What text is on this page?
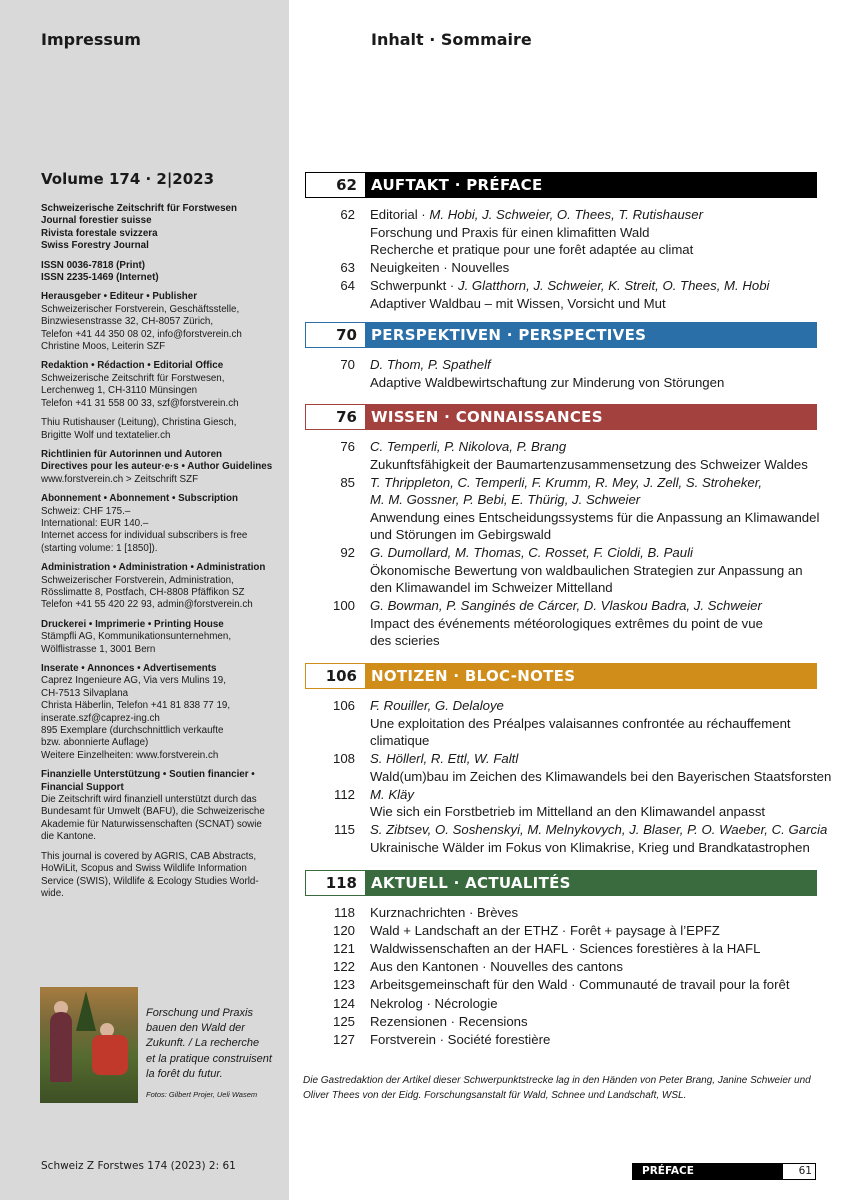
Impressum
Volume 174 · 2|2023
Schweizerische Zeitschrift für Forstwesen
Journal forestier suisse
Rivista forestale svizzera
Swiss Forestry Journal
ISSN 0036-7818 (Print)
ISSN 2235-1469 (Internet)
Herausgeber • Editeur • Publisher
Schweizerischer Forstverein, Geschäftsstelle,
Binzwiesenstrasse 32, CH-8057 Zürich,
Telefon +41 44 350 08 02, info@forstverein.ch
Christine Moos, Leiterin SZF
Redaktion • Rédaction • Editorial Office
Schweizerische Zeitschrift für Forstwesen,
Lerchenweg 1, CH-3110 Münsingen
Telefon +41 31 558 00 33, szf@forstverein.ch
Thiu Rutishauser (Leitung), Christina Giesch,
Brigitte Wolf und textatelier.ch
Richtlinien für Autorinnen und Autoren
Directives pour les auteur·e·s • Author Guidelines
www.forstverein.ch > Zeitschrift SZF
Abonnement • Abonnement • Subscription
Schweiz: CHF 175.–
International: EUR 140.–
Internet access for individual subscribers is free
(starting volume: 1 [1850]).
Administration • Administration • Administration
Schweizerischer Forstverein, Administration,
Rösslimatte 8, Postfach, CH-8808 Pfäffikon SZ
Telefon +41 55 420 22 93, admin@forstverein.ch
Druckerei • Imprimerie • Printing House
Stämpfli AG, Kommunikationsunternehmen,
Wölflistrasse 1, 3001 Bern
Inserate • Annonces • Advertisements
Caprez Ingenieure AG, Via vers Mulins 19,
CH-7513 Silvaplana
Christa Häberlin, Telefon +41 81 838 77 19,
inserate.szf@caprez-ing.ch
895 Exemplare (durchschnittlich verkaufte
bzw. abonnierte Auflage)
Weitere Einzelheiten: www.forstverein.ch
Finanzielle Unterstützung • Soutien financier •
Financial Support
Die Zeitschrift wird finanziell unterstützt durch das
Bundesamt für Umwelt (BAFU), die Schweizerische
Akademie für Naturwissenschaften (SCNAT) sowie
die Kantone.
This journal is covered by AGRIS, CAB Abstracts,
HoWiLit, Scopus and Swiss Wildlife Information
Service (SWIS), Wildlife & Ecology Studies World-
wide.
Forschung und Praxis
bauen den Wald der
Zukunft. / La recherche
et la pratique construisent
la forêt du futur.
Fotos: Gilbert Projer, Ueli Wasem
Schweiz Z Forstwes 174 (2023) 2: 61
Inhalt · Sommaire
62 AUFTAKT · PRÉFACE
62 Editorial · M. Hobi, J. Schweier, O. Thees, T. Rutishauser
Forschung und Praxis für einen klimafitten Wald
Recherche et pratique pour une forêt adaptée au climat
63 Neuigkeiten · Nouvelles
64 Schwerpunkt · J. Glatthorn, J. Schweier, K. Streit, O. Thees, M. Hobi
Adaptiver Waldbau – mit Wissen, Vorsicht und Mut
70 PERSPEKTIVEN · PERSPECTIVES
70 D. Thom, P. Spathelf
Adaptive Waldbewirtschaftung zur Minderung von Störungen
76 WISSEN · CONNAISSANCES
76 C. Temperli, P. Nikolova, P. Brang
Zukunftsfähigkeit der Baumartenzusammensetzung des Schweizer Waldes
85 T. Thrippleton, C. Temperli, F. Krumm, R. Mey, J. Zell, S. Stroheker,
M. M. Gossner, P. Bebi, E. Thürig, J. Schweier
Anwendung eines Entscheidungssystems für die Anpassung an Klimawandel
und Störungen im Gebirgswald
92 G. Dumollard, M. Thomas, C. Rosset, F. Cioldi, B. Pauli
Ökonomische Bewertung von waldbaulichen Strategien zur Anpassung an
den Klimawandel im Schweizer Mittelland
100 G. Bowman, P. Sanginés de Cárcer, D. Vlaskou Badra, J. Schweier
Impact des événements météorologiques extrêmes du point de vue
des scieries
106 NOTIZEN · BLOC-NOTES
106 F. Rouiller, G. Delaloye
Une exploitation des Préalpes valaisannes confrontée au réchauffement
climatique
108 S. Höllerl, R. Ettl, W. Faltl
Wald(um)bau im Zeichen des Klimawandels bei den Bayerischen Staatsforsten
112 M. Kläy
Wie sich ein Forstbetrieb im Mittelland an den Klimawandel anpasst
115 S. Zibtsev, O. Soshenskyi, M. Melnykovych, J. Blaser, P. O. Waeber, C. Garcia
Ukrainische Wälder im Fokus von Klimakrise, Krieg und Brandkatastrophen
118 AKTUELL · ACTUALITÉS
118 Kurznachrichten · Brèves
120 Wald + Landschaft an der ETHZ · Forêt + paysage à l’EPFZ
121 Waldwissenschaften an der HAFL · Sciences forestières à la HAFL
122 Aus den Kantonen · Nouvelles des cantons
123 Arbeitsgemeinschaft für den Wald · Communauté de travail pour la forêt
124 Nekrolog · Nécrologie
125 Rezensionen · Recensions
127 Forstverein · Société forestière
Die Gastredaktion der Artikel dieser Schwerpunktstrecke lag in den Händen von Peter Brang, Janine Schweier und Oliver Thees von der Eidg. Forschungsanstalt für Wald, Schnee und Landschaft, WSL.
PRÉFACE	61
